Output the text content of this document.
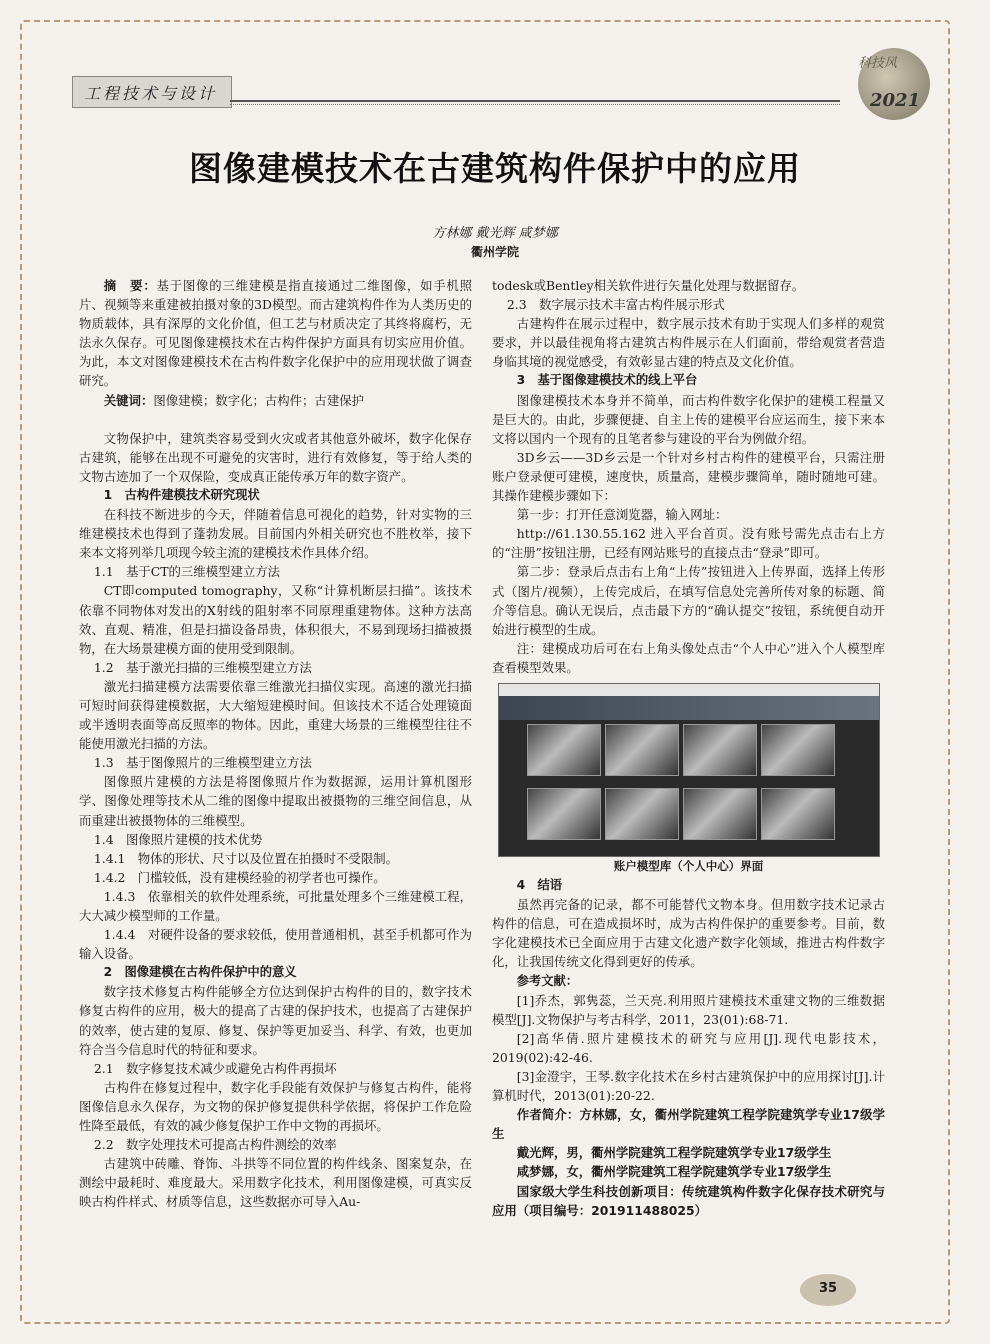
工程技术与设计
科技风
2021
图像建模技术在古建筑构件保护中的应用
方林娜 戴光辉 咸梦娜
衢州学院

摘　要：基于图像的三维建模是指直接通过二维图像，如手机照片、视频等来重建被拍摄对象的3D模型。而古建筑构件作为人类历史的物质载体，具有深厚的文化价值，但工艺与材质决定了其终将腐朽，无法永久保存。可见图像建模技术在古构件保护方面具有切实应用价值。为此，本文对图像建模技术在古构件数字化保护中的应用现状做了调查研究。

关键词：图像建模；数字化；古构件；古建保护

文物保护中，建筑类容易受到火灾或者其他意外破坏，数字化保存古建筑，能够在出现不可避免的灾害时，进行有效修复，等于给人类的文物古迹加了一个双保险，变成真正能传承万年的数字资产。

1　古构件建模技术研究现状

在科技不断进步的今天，伴随着信息可视化的趋势，针对实物的三维建模技术也得到了蓬勃发展。目前国内外相关研究也不胜枚举，接下来本文将列举几项现今较主流的建模技术作具体介绍。

1.1　基于CT的三维模型建立方法

CT即computed tomography，又称“计算机断层扫描”。该技术依靠不同物体对发出的X射线的阻射率不同原理重建物体。这种方法高效、直观、精准，但是扫描设备昂贵，体积很大，不易到现场扫描被摄物，在大场景建模方面的使用受到限制。

1.2　基于激光扫描的三维模型建立方法

激光扫描建模方法需要依靠三维激光扫描仪实现。高速的激光扫描可短时间获得建模数据，大大缩短建模时间。但该技术不适合处理镜面或半透明表面等高反照率的物体。因此，重建大场景的三维模型往往不能使用激光扫描的方法。

1.3　基于图像照片的三维模型建立方法

图像照片建模的方法是将图像照片作为数据源，运用计算机图形学、图像处理等技术从二维的图像中提取出被摄物的三维空间信息，从而重建出被摄物体的三维模型。

1.4　图像照片建模的技术优势

1.4.1　物体的形状、尺寸以及位置在拍摄时不受限制。

1.4.2　门槛较低，没有建模经验的初学者也可操作。

1.4.3　依靠相关的软件处理系统，可批量处理多个三维建模工程，大大减少模型师的工作量。

1.4.4　对硬件设备的要求较低，使用普通相机，甚至手机都可作为输入设备。

2　图像建模在古构件保护中的意义

数字技术修复古构件能够全方位达到保护古构件的目的，数字技术修复古构件的应用，极大的提高了古建的保护技术，也提高了古建保护的效率，使古建的复原、修复、保护等更加妥当、科学、有效，也更加符合当今信息时代的特征和要求。

2.1　数字修复技术减少或避免古构件再损坏

古构件在修复过程中，数字化手段能有效保护与修复古构件，能将图像信息永久保存，为文物的保护修复提供科学依据，将保护工作危险性降至最低，有效的减少修复保护工作中文物的再损坏。

2.2　数字处理技术可提高古构件测绘的效率

古建筑中砖雕、脊饰、斗拱等不同位置的构件线条、图案复杂，在测绘中最耗时、难度最大。采用数字化技术，利用图像建模，可真实反映古构件样式、材质等信息，这些数据亦可导入Au-

todesk或Bentley相关软件进行矢量化处理与数据留存。

2.3　数字展示技术丰富古构件展示形式

古建构件在展示过程中，数字展示技术有助于实现人们多样的观赏要求，并以最佳视角将古建筑古构件展示在人们面前，带给观赏者营造身临其境的视觉感受，有效彰显古建的特点及文化价值。

3　基于图像建模技术的线上平台

图像建模技术本身并不简单，而古构件数字化保护的建模工程量又是巨大的。由此，步骤便捷、自主上传的建模平台应运而生，接下来本文将以国内一个现有的且笔者参与建设的平台为例做介绍。

3D乡云——3D乡云是一个针对乡村古构件的建模平台，只需注册账户登录便可建模，速度快，质量高，建模步骤简单，随时随地可建。其操作建模步骤如下：

第一步：打开任意浏览器，输入网址：

http://61.130.55.162 进入平台首页。没有账号需先点击右上方的“注册”按钮注册，已经有网站账号的直接点击“登录”即可。

第二步：登录后点击右上角“上传”按钮进入上传界面，选择上传形式（图片/视频），上传完成后，在填写信息处完善所传对象的标题、简介等信息。确认无误后，点击最下方的“确认提交”按钮，系统便自动开始进行模型的生成。

注：建模成功后可在右上角头像处点击“个人中心”进入个人模型库查看模型效果。

账户模型库（个人中心）界面

4　结语

虽然再完备的记录，都不可能替代文物本身。但用数字技术记录古构件的信息，可在造成损坏时，成为古构件保护的重要参考。目前，数字化建模技术已全面应用于古建文化遗产数字化领域，推进古构件数字化，让我国传统文化得到更好的传承。

参考文献：

[1]乔杰，郭隽蕊，兰天亮.利用照片建模技术重建文物的三维数据模型[J].文物保护与考古科学，2011，23(01):68-71.

[2]高华倩.照片建模技术的研究与应用[J].现代电影技术，2019(02):42-46.

[3]金澄宇，王琴.数字化技术在乡村古建筑保护中的应用探讨[J].计算机时代，2013(01):20-22.

作者简介：方林娜，女，衢州学院建筑工程学院建筑学专业17级学生

戴光辉，男，衢州学院建筑工程学院建筑学专业17级学生

咸梦娜，女，衢州学院建筑工程学院建筑学专业17级学生

国家级大学生科技创新项目：传统建筑构件数字化保存技术研究与应用（项目编号：201911488025）

35
